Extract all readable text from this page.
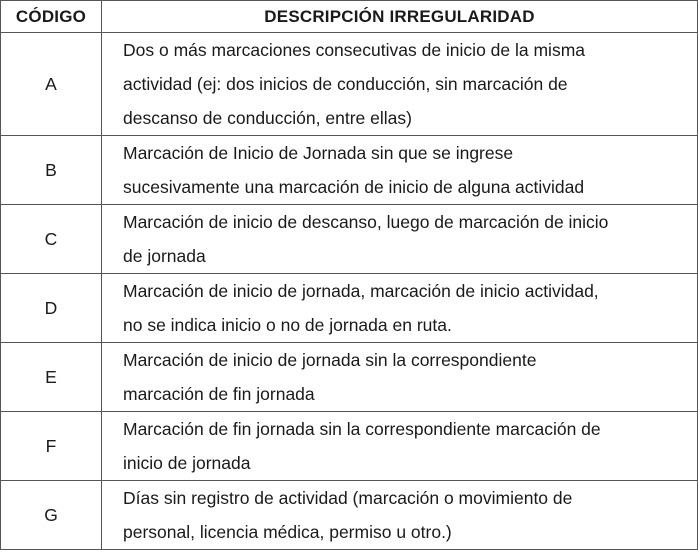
CÓDIGO	DESCRIPCIÓN IRREGULARIDAD
A	Dos o más marcaciones consecutivas de inicio de la misma
actividad (ej: dos inicios de conducción, sin marcación de
descanso de conducción, entre ellas)

B	Marcación de Inicio de Jornada sin que se ingrese
sucesivamente una marcación de inicio de alguna actividad

C	Marcación de inicio de descanso, luego de marcación de inicio
de jornada

D	Marcación de inicio de jornada, marcación de inicio actividad,
no se indica inicio o no de jornada en ruta.

E	Marcación de inicio de jornada sin la correspondiente
marcación de fin jornada

F	Marcación de fin jornada sin la correspondiente marcación de
inicio de jornada

G	Días sin registro de actividad (marcación o movimiento de
personal, licencia médica, permiso u otro.)
